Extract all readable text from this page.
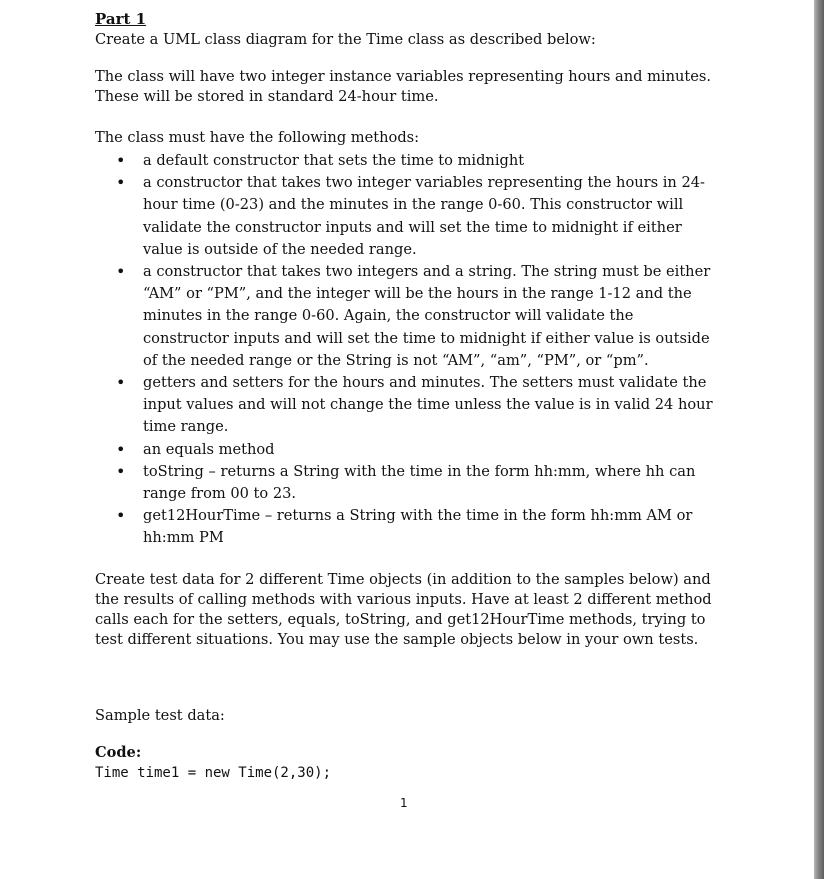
Part 1

Create a UML class diagram for the Time class as described below:

The class will have two integer instance variables representing hours and minutes.
These will be stored in standard 24-hour time.

The class must have the following methods:

• a default constructor that sets the time to midnight
• a constructor that takes two integer variables representing the hours in 24-
hour time (0-23) and the minutes in the range 0-60. This constructor will
validate the constructor inputs and will set the time to midnight if either
value is outside of the needed range.
• a constructor that takes two integers and a string. The string must be either
“AM” or “PM”, and the integer will be the hours in the range 1-12 and the
minutes in the range 0-60. Again, the constructor will validate the
constructor inputs and will set the time to midnight if either value is outside
of the needed range or the String is not “AM”, “am”, “PM”, or “pm”.
• getters and setters for the hours and minutes. The setters must validate the
input values and will not change the time unless the value is in valid 24 hour
time range.
• an equals method
• toString – returns a String with the time in the form hh:mm, where hh can
range from 00 to 23.
• get12HourTime – returns a String with the time in the form hh:mm AM or
hh:mm PM

Create test data for 2 different Time objects (in addition to the samples below) and
the results of calling methods with various inputs. Have at least 2 different method
calls each for the setters, equals, toString, and get12HourTime methods, trying to
test different situations. You may use the sample objects below in your own tests.

Sample test data:

Code:

Time time1 = new Time(2,30);

1
